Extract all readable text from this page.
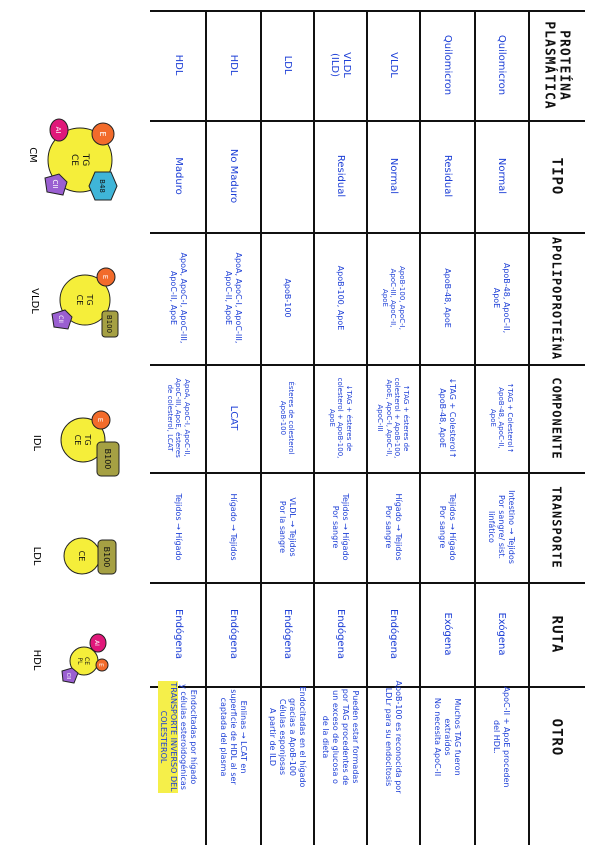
PROTEÍNA
PLASMÁTICA
TIPO
APOLIPOPROTEÍNA
COMPONENTE
TRANSPORTE
RUTA
OTRO
Quilomicron
Normal
ApoB-48, ApoC-II,
ApoE
↑TAG + Colesterol↑
ApoB-48, ApoC-II,
ApoE
Intestino → Tejidos
Por sangre/ sist.
linfático
Exógena
ApoC-II + ApoE proceden
del HDL.
Quilomicron
Residual
ApoB-48, ApoE
↓TAG + Colesterol↑
ApoB-48, ApoE
Tejidos → Hígado
Por sangre
Exógena
Muchos TAG fueron
extraídos
No necesita ApoC-II
VLDL
Normal
ApoB-100, ApoC-I,
ApoC-III, ApoC-II,
ApoE
↑TAG + ésteres de
colesterol + ApoB-100,
ApoE, ApoC-I, ApoC-II,
ApoC-III
Hígado → Tejidos
Por sangre
Endógena
ApoB-100 es reconocida por
LDLr para su endocitosis
VLDL
(ILD)
Residual
ApoB-100, ApoE
↓TAG + ésteres de
colesterol + ApoB-100,
ApoE
Tejidos → Hígado
Por sangre
Endógena
Pueden estar formadas
por TAG procedentes de
un exceso de glucosa o
de la dieta
LDL
ApoB-100
Ésteres de colesterol
ApoB-100
VLDL → Tejidos
Por la sangre
Endógena
Endocitadas en el hígado
gracias a ApoB-100
Células esponjosas
A partir de ILD
HDL
No Maduro
ApoA, ApoC-I, ApoC-III,
ApoC-II, ApoE
LCAT
Hígado → Tejidos
Endógena
Enlinas → LCAT en
superficie de HDL al ser
captada del plasma
HDL
Maduro
ApoA, ApoC-I, ApoC-III,
ApoC-II, ApoE
ApoA, ApoC-I, ApoC-II,
ApoC-III, ApoE, ésteres
de colesterol, LCAT
Tejidos → Hígado
Endógena
Endocitadas por hígado
y células esteroidogénicas
TRANSPORTE INVERSO DEL
COLESTEROL
TG
CE
E
AI
B48
CII
CM
TG
CE
E
B100
CII
VLDL
TG
CE
E
B100
IDL
CE B100
LDL
CE
PL
AI
E
CII
HDL
